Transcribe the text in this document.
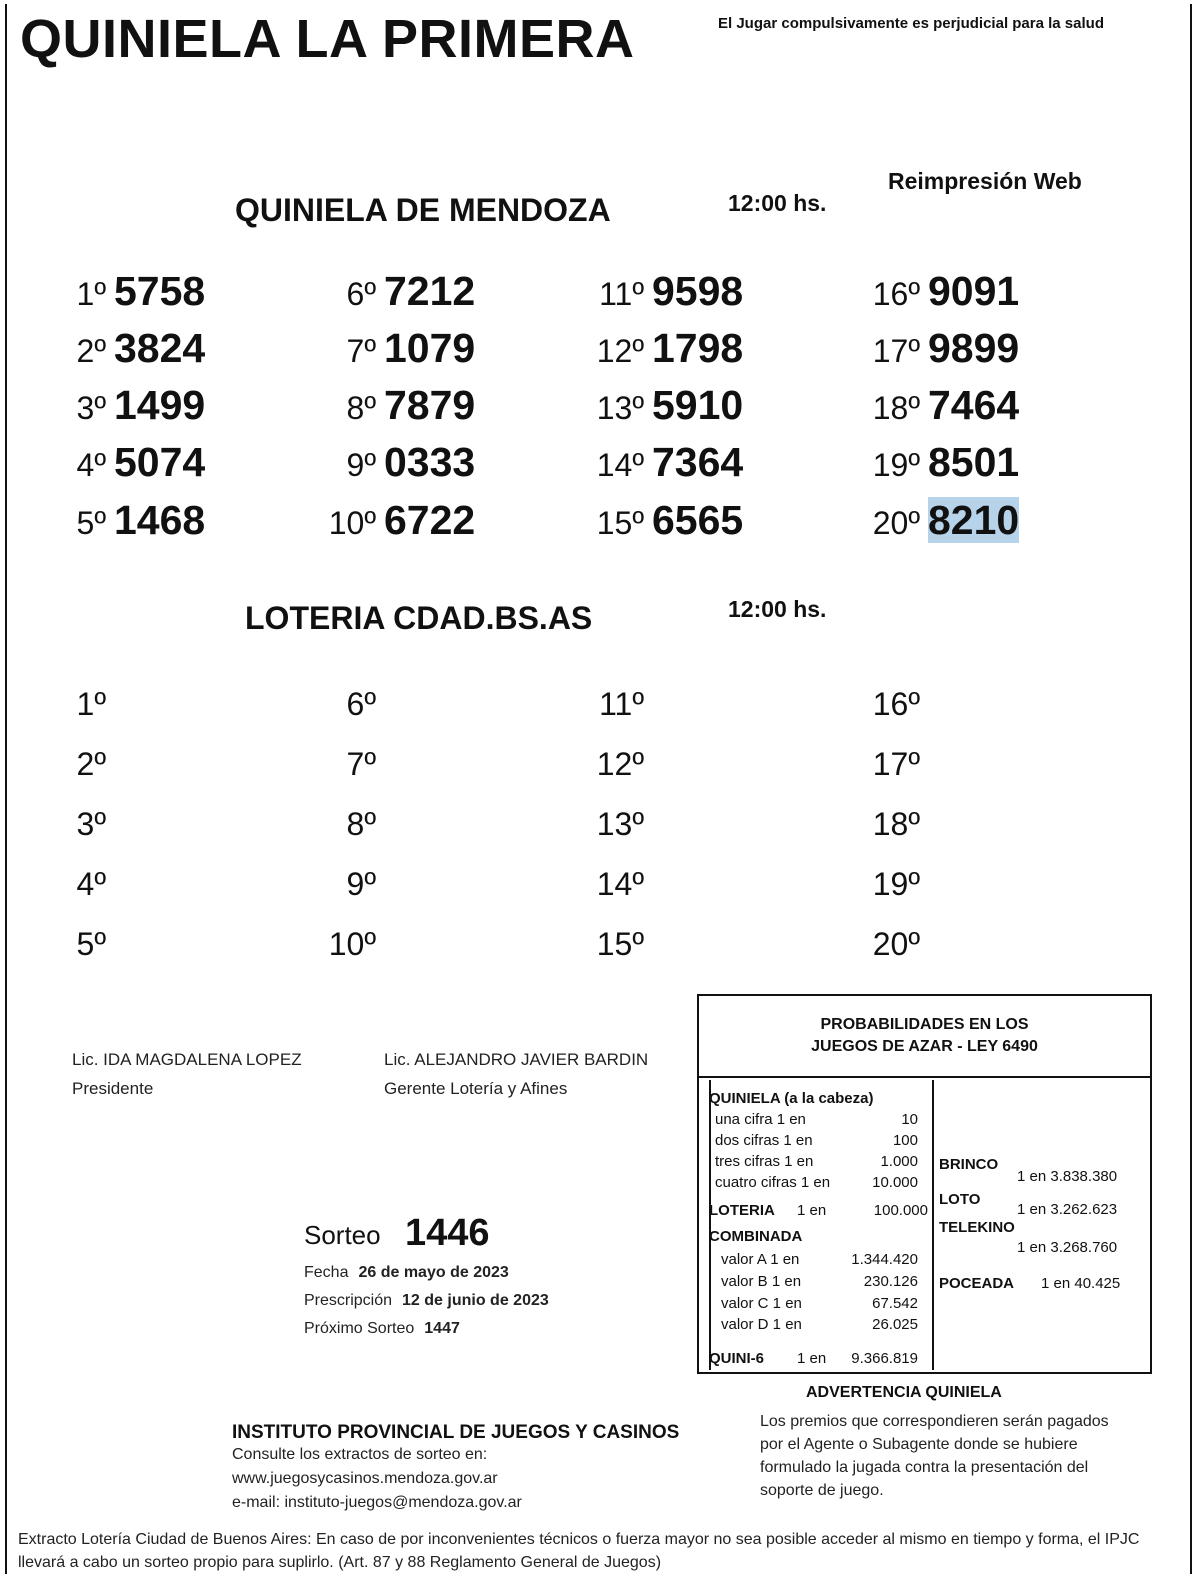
QUINIELA LA PRIMERA	El Jugar compulsivamente es perjudicial para la salud
Reimpresión Web
QUINIELA DE MENDOZA	12:00 hs.
1º 5758
2º 3824
3º 1499
4º 5074
5º 1468
6º 7212
7º 1079
8º 7879
9º 0333
10º 6722
11º 9598
12º 1798
13º 5910
14º 7364
15º 6565
16º 9091
17º 9899
18º 7464
19º 8501
20º 8210
LOTERIA CDAD.BS.AS	12:00 hs.
1º
2º
3º
4º
5º
6º
7º
8º
9º
10º
11º
12º
13º
14º
15º
16º
17º
18º
19º
20º
Lic. IDA MAGDALENA LOPEZ
Presidente
Lic. ALEJANDRO JAVIER BARDIN
Gerente Lotería y Afines
Sorteo 1446
Fecha 26 de mayo de 2023
Prescripción 12 de junio de 2023
Próximo Sorteo 1447
INSTITUTO PROVINCIAL DE JUEGOS Y CASINOS
Consulte los extractos de sorteo en:
www.juegosycasinos.mendoza.gov.ar
e-mail: instituto-juegos@mendoza.gov.ar
PROBABILIDADES EN LOS
JUEGOS DE AZAR - LEY 6490
QUINIELA (a la cabeza)
una cifra 1 en	10
dos cifras 1 en	100
tres cifras 1 en	1.000
cuatro cifras 1 en	10.000
LOTERIA 1 en	100.000
COMBINADA
valor A 1 en	1.344.420
valor B 1 en	230.126
valor C 1 en	67.542
valor D 1 en	26.025
QUINI-6 1 en 9.366.819
BRINCO
1 en 3.838.380
LOTO
1 en 3.262.623
TELEKINO
1 en 3.268.760
POCEADA 1 en 40.425
ADVERTENCIA QUINIELA
Los premios que correspondieren serán pagados por el Agente o Subagente donde se hubiere formulado la jugada contra la presentación del soporte de juego.
Extracto Lotería Ciudad de Buenos Aires: En caso de por inconvenientes técnicos o fuerza mayor no sea posible acceder al mismo en tiempo y forma, el IPJC llevará a cabo un sorteo propio para suplirlo. (Art. 87 y 88 Reglamento General de Juegos)
